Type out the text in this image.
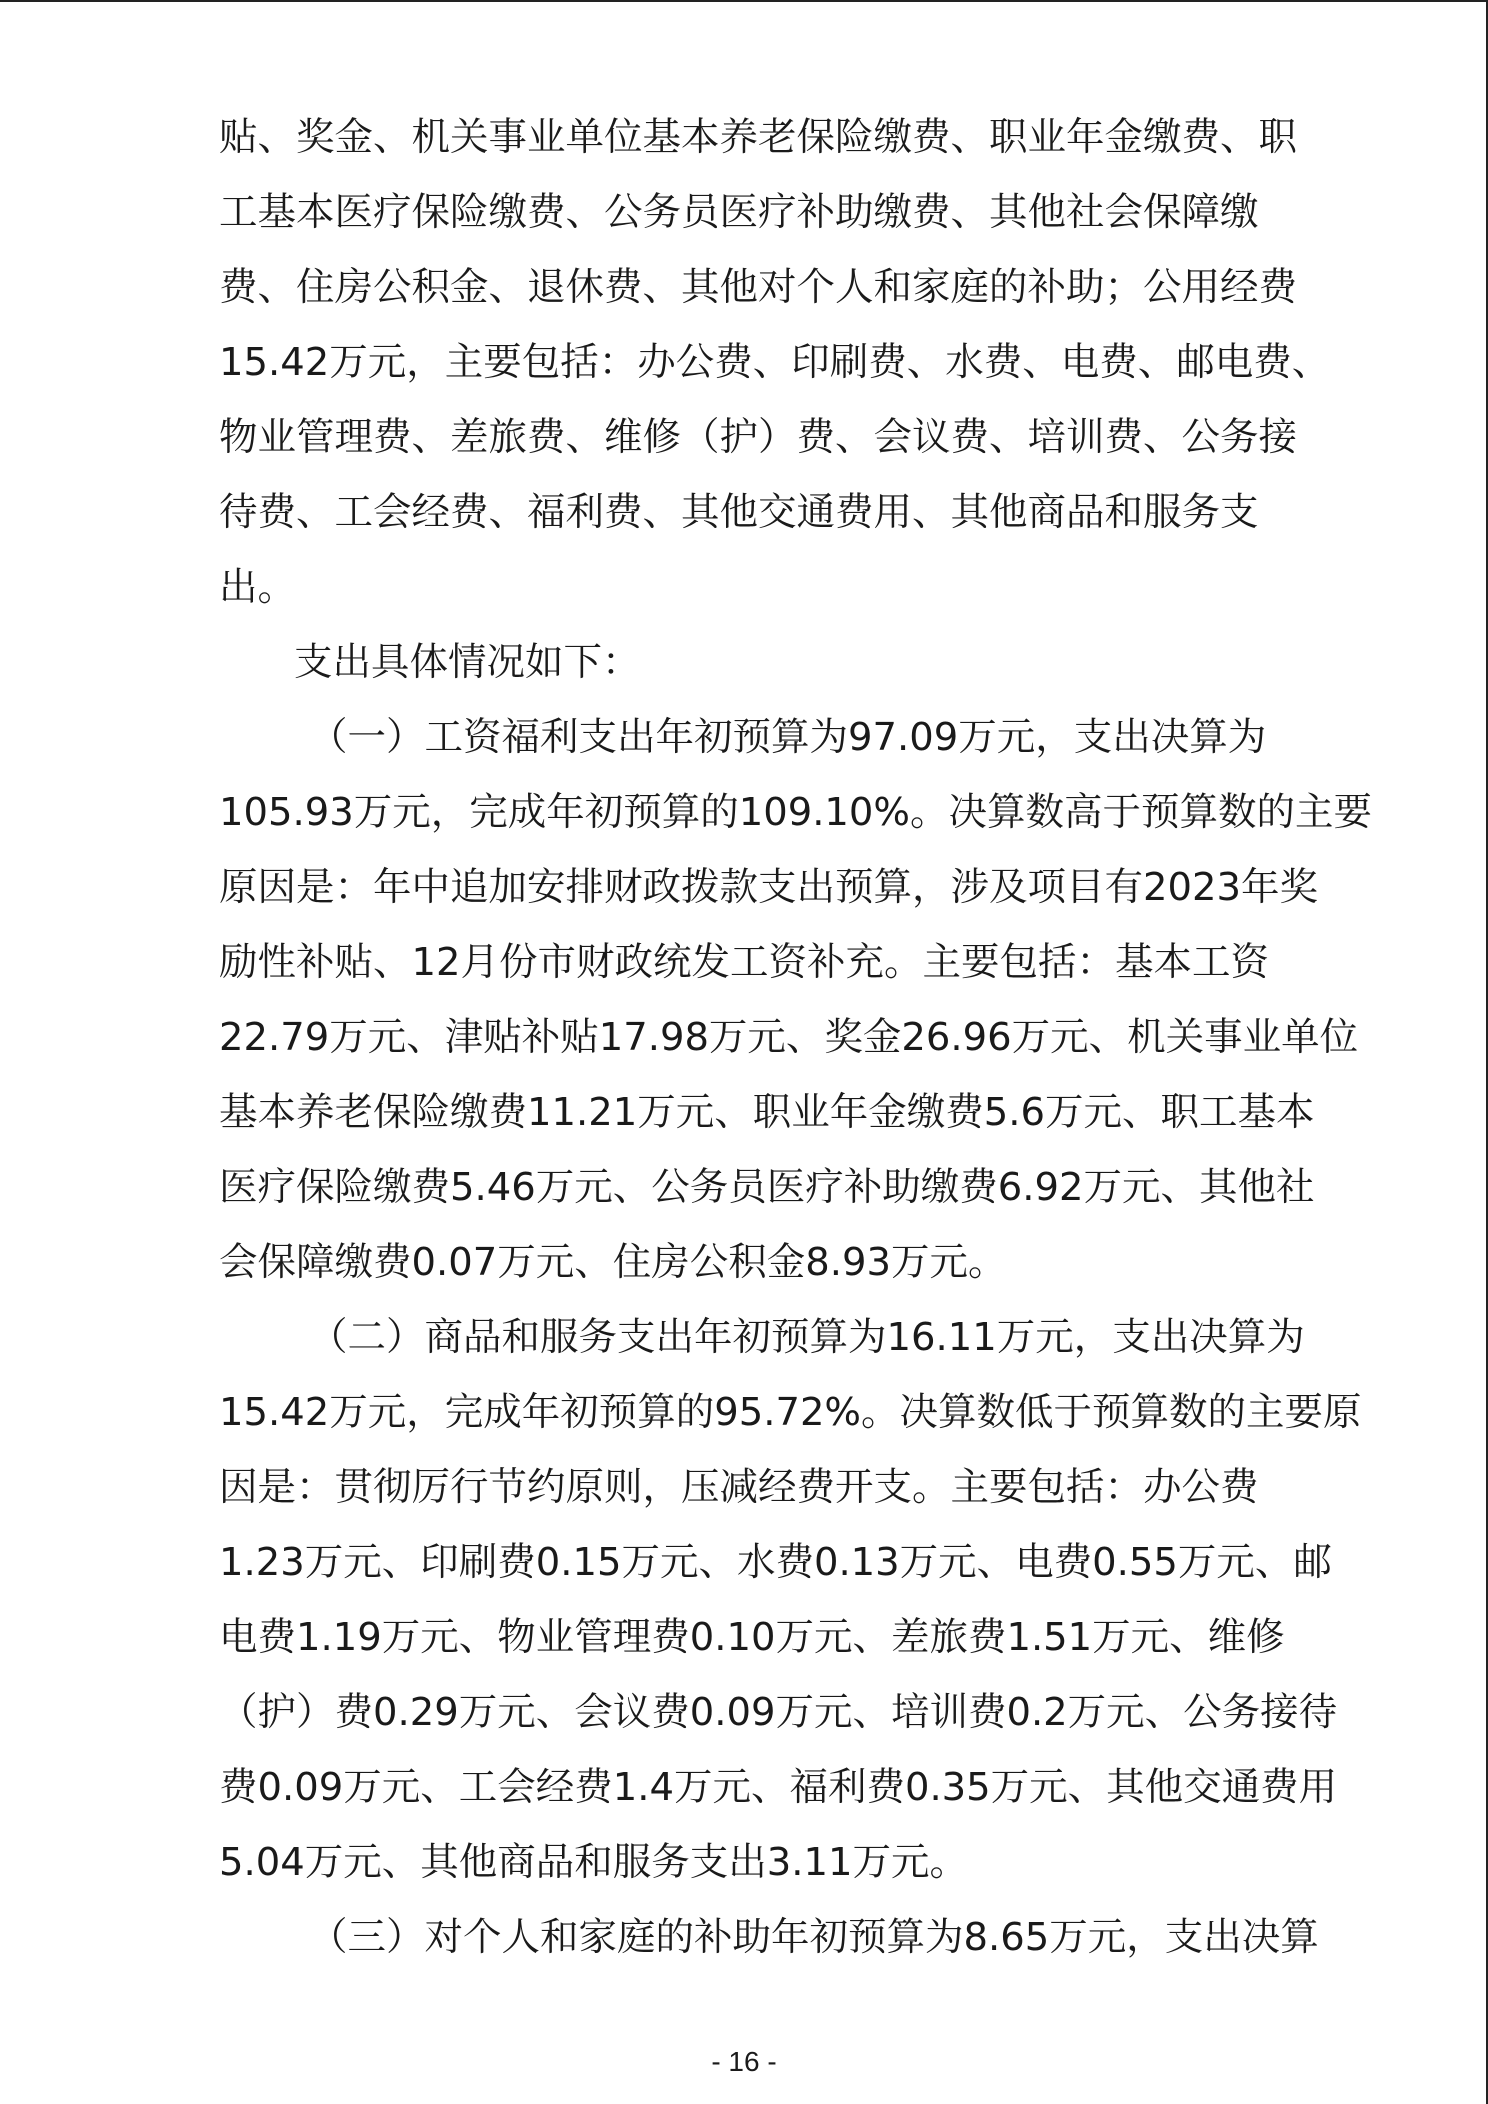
贴、奖金、机关事业单位基本养老保险缴费、职业年金缴费、职
工基本医疗保险缴费、公务员医疗补助缴费、其他社会保障缴
费、住房公积金、退休费、其他对个人和家庭的补助；公用经费
15.42万元，主要包括：办公费、印刷费、水费、电费、邮电费、
物业管理费、差旅费、维修（护）费、会议费、培训费、公务接
待费、工会经费、福利费、其他交通费用、其他商品和服务支
出。
支出具体情况如下：
（一）工资福利支出年初预算为97.09万元，支出决算为
105.93万元，完成年初预算的109.10%。决算数高于预算数的主要
原因是：年中追加安排财政拨款支出预算，涉及项目有2023年奖
励性补贴、12月份市财政统发工资补充。主要包括：基本工资
22.79万元、津贴补贴17.98万元、奖金26.96万元、机关事业单位
基本养老保险缴费11.21万元、职业年金缴费5.6万元、职工基本
医疗保险缴费5.46万元、公务员医疗补助缴费6.92万元、其他社
会保障缴费0.07万元、住房公积金8.93万元。
（二）商品和服务支出年初预算为16.11万元，支出决算为
15.42万元，完成年初预算的95.72%。决算数低于预算数的主要原
因是：贯彻厉行节约原则，压减经费开支。主要包括：办公费
1.23万元、印刷费0.15万元、水费0.13万元、电费0.55万元、邮
电费1.19万元、物业管理费0.10万元、差旅费1.51万元、维修
（护）费0.29万元、会议费0.09万元、培训费0.2万元、公务接待
费0.09万元、工会经费1.4万元、福利费0.35万元、其他交通费用
5.04万元、其他商品和服务支出3.11万元。
（三）对个人和家庭的补助年初预算为8.65万元，支出决算
- 16 -
